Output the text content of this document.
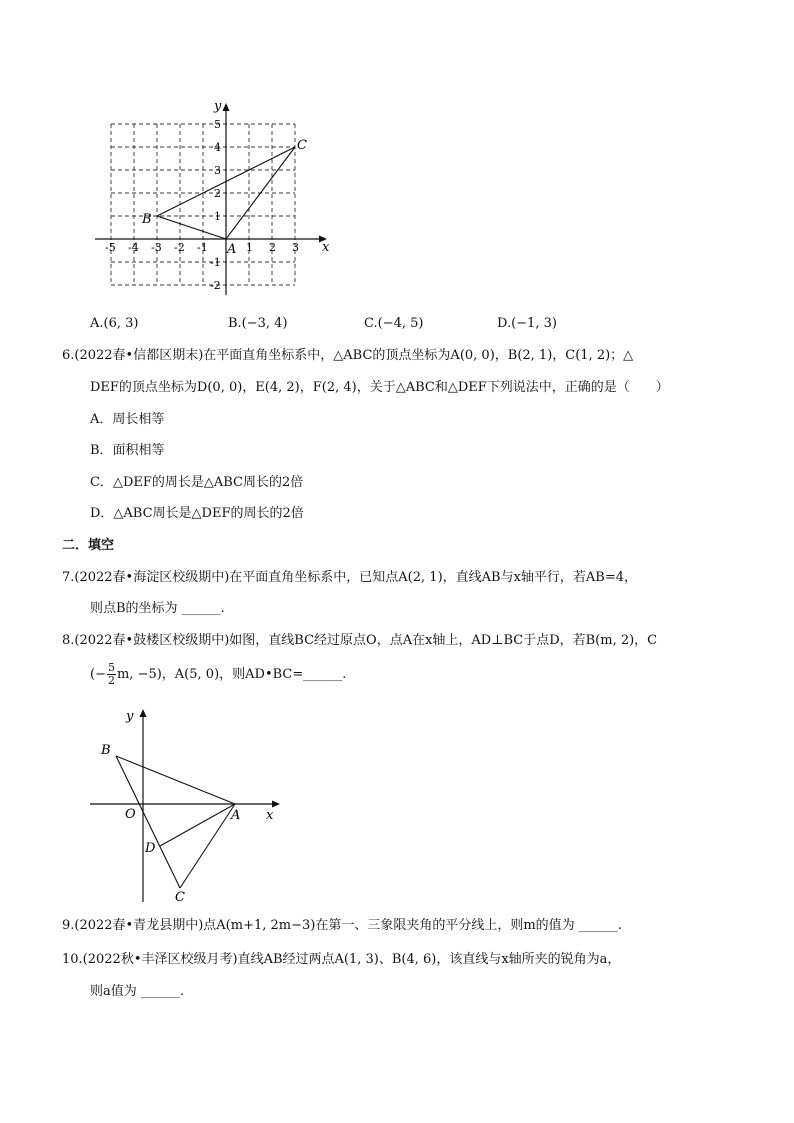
x
y
C
B
A
-5 -4 -3 -2 -1	1 2 3
5
4
3
2
1
-1
-2
A.(6, 3)	B.(−3, 4)	C.(−4, 5)	D.(−1, 3)
6.(2022春•信都区期末)在平面直角坐标系中，△ABC的顶点坐标为A(0, 0)，B(2, 1)，C(1, 2)；△
DEF的顶点坐标为D(0, 0)，E(4, 2)，F(2, 4)，关于△ABC和△DEF下列说法中，正确的是（　　）
A．周长相等
B．面积相等
C．△DEF的周长是△ABC周长的2倍
D．△ABC周长是△DEF的周长的2倍
二．填空
7.(2022春•海淀区校级期中)在平面直角坐标系中，已知点A(2, 1)，直线AB与x轴平行，若AB=4，
则点B的坐标为 ______.
8.(2022春•鼓楼区校级期中)如图，直线BC经过原点O，点A在x轴上，AD⊥BC于点D，若B(m, 2)，C
(− $\frac{5}{2} m$, −5)，A(5, 0)，则AD•BC=______.
x
y
B
O	A
D
C
9.(2022春•青龙县期中)点A(m+1, 2m−3)在第一、三象限夹角的平分线上，则m的值为 ______.
10.(2022秋•丰泽区校级月考)直线AB经过两点A(1, 3)、B(4, 6)，该直线与x轴所夹的锐角为a，
则a值为 ______.
